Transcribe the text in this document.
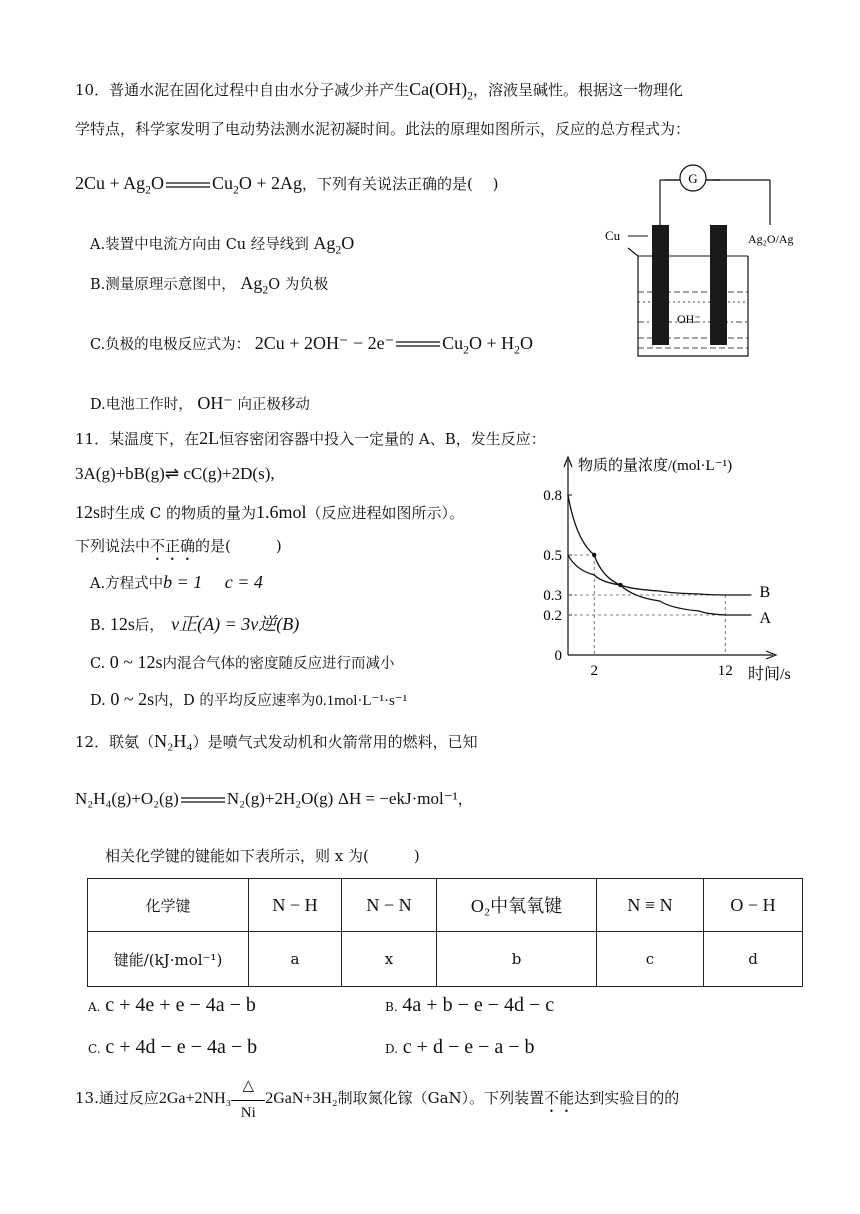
10．普通水泥在固化过程中自由水分子减少并产生$Ca(OH)_2$，溶液呈碱性。根据这一物理化
学特点，科学家发明了电动势法测水泥初凝时间。此法的原理如图所示，反应的总方程式为：
$2Cu + Ag_2O$	$Cu_2O + 2Ag$，下列有关说法正确的是(　 )
A.装置中电流方向由 Cu 经导线到 $Ag_2O$
B.测量原理示意图中， $Ag_2O$ 为负极
C.负极的电极反应式为： 2Cu + 2OH⁻ − 2e⁻	$Cu_2O + H_2O$
D.电池工作时， OH⁻ 向正极移动
G
Cu	Ag₂O/Ag
OH⁻
11．某温度下，在2L恒容密闭容器中投入一定量的 A、B，发生反应：
3A(g)+bB(g)⇌ cC(g)+2D(s),
12s时生成 C 的物质的量为1.6mol（反应进程如图所示）。
下列说法中不正确的是(　　　)
A.方程式中b = 1　 c = 4
B. 12s后，　 v正(A) = 3v逆(B)
C. 0 ~ 12s内混合气体的密度随反应进行而减小
D. 0 ~ 2s内，D 的平均反应速率为0.1mol·L⁻¹·s⁻¹
物质的量浓度/(mol·L⁻¹)
时间/s
0
0.2
0.3
0.5
0.8
2	12
A
B
12．联氨（N₂H₄）是喷气式发动机和火箭常用的燃料，已知
N₂H₄(g)+O₂(g)	N₂(g)+2H₂O(g) ΔH = −ekJ·mol⁻¹，
相关化学键的键能如下表所示，则 x 为(　　　)
化学键	N − H	N − N	O₂中氧氧键	N ≡ N	O − H
键能/(kJ·mol⁻¹)	a	x	b	c	d
A. c + 4e + e − 4a − b	B. 4a + b − e − 4d − c
C. c + 4d − e − 4a − b	D. c + d − e − a − b
13.通过反应2Ga+2NH₃
△
Ni
2GaN+3H₂制取氮化镓（GaN）。下列装置不能达到实验目的的
